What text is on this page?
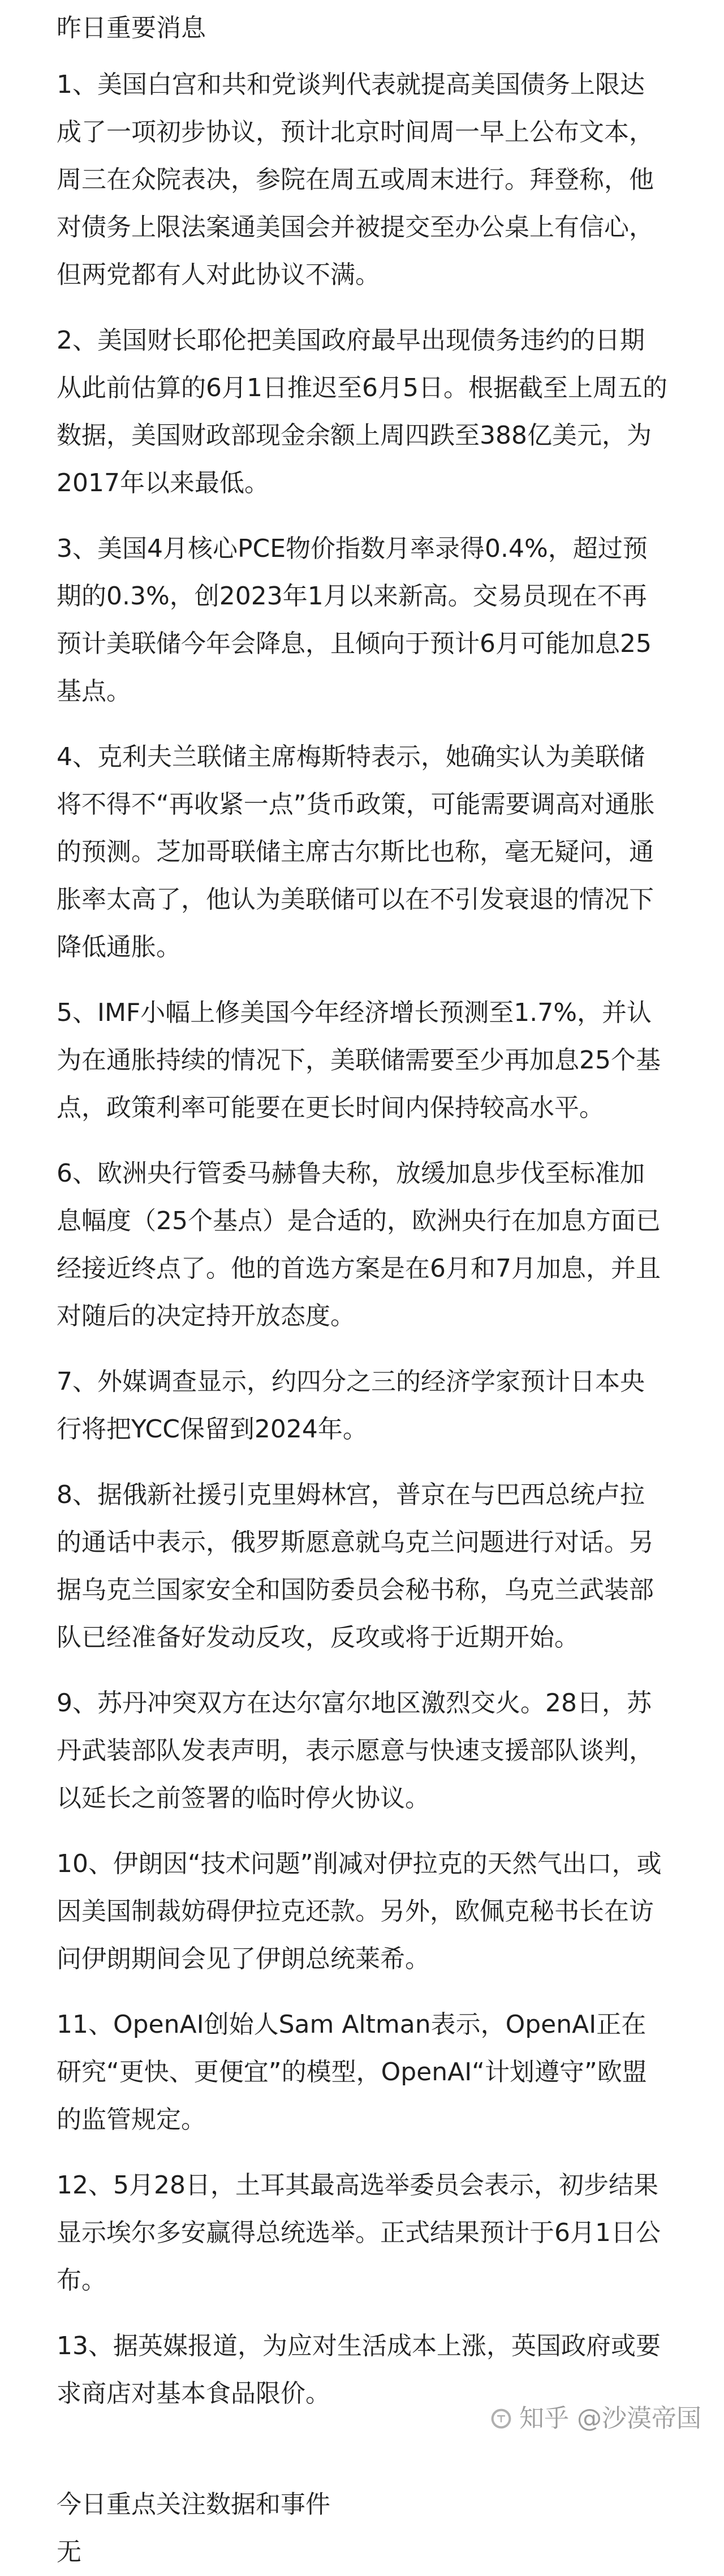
昨日重要消息

1、美国白宫和共和党谈判代表就提高美国债务上限达成了一项初步协议，预计北京时间周一早上公布文本，周三在众院表决，参院在周五或周末进行。拜登称，他对债务上限法案通美国会并被提交至办公桌上有信心，但两党都有人对此协议不满。

2、美国财长耶伦把美国政府最早出现债务违约的日期从此前估算的6月1日推迟至6月5日。根据截至上周五的数据，美国财政部现金余额上周四跌至388亿美元，为2017年以来最低。

3、美国4月核心PCE物价指数月率录得0.4%，超过预期的0.3%，创2023年1月以来新高。交易员现在不再预计美联储今年会降息，且倾向于预计6月可能加息25基点。

4、克利夫兰联储主席梅斯特表示，她确实认为美联储将不得不“再收紧一点”货币政策，可能需要调高对通胀的预测。芝加哥联储主席古尔斯比也称，毫无疑问，通胀率太高了，他认为美联储可以在不引发衰退的情况下降低通胀。

5、IMF小幅上修美国今年经济增长预测至1.7%，并认为在通胀持续的情况下，美联储需要至少再加息25个基点，政策利率可能要在更长时间内保持较高水平。

6、欧洲央行管委马赫鲁夫称，放缓加息步伐至标准加息幅度（25个基点）是合适的，欧洲央行在加息方面已经接近终点了。他的首选方案是在6月和7月加息，并且对随后的决定持开放态度。

7、外媒调查显示，约四分之三的经济学家预计日本央行将把YCC保留到2024年。

8、据俄新社援引克里姆林宫，普京在与巴西总统卢拉的通话中表示，俄罗斯愿意就乌克兰问题进行对话。另据乌克兰国家安全和国防委员会秘书称，乌克兰武装部队已经准备好发动反攻，反攻或将于近期开始。

9、苏丹冲突双方在达尔富尔地区激烈交火。28日，苏丹武装部队发表声明，表示愿意与快速支援部队谈判，以延长之前签署的临时停火协议。

10、伊朗因“技术问题”削减对伊拉克的天然气出口，或因美国制裁妨碍伊拉克还款。另外，欧佩克秘书长在访问伊朗期间会见了伊朗总统莱希。

11、OpenAI创始人Sam Altman表示，OpenAI正在研究“更快、更便宜”的模型，OpenAI“计划遵守”欧盟的监管规定。

12、5月28日，土耳其最高选举委员会表示，初步结果显示埃尔多安赢得总统选举。正式结果预计于6月1日公布。

13、据英媒报道，为应对生活成本上涨，英国政府或要求商店对基本食品限价。

今日重点关注数据和事件

无

知乎 @沙漠帝国
